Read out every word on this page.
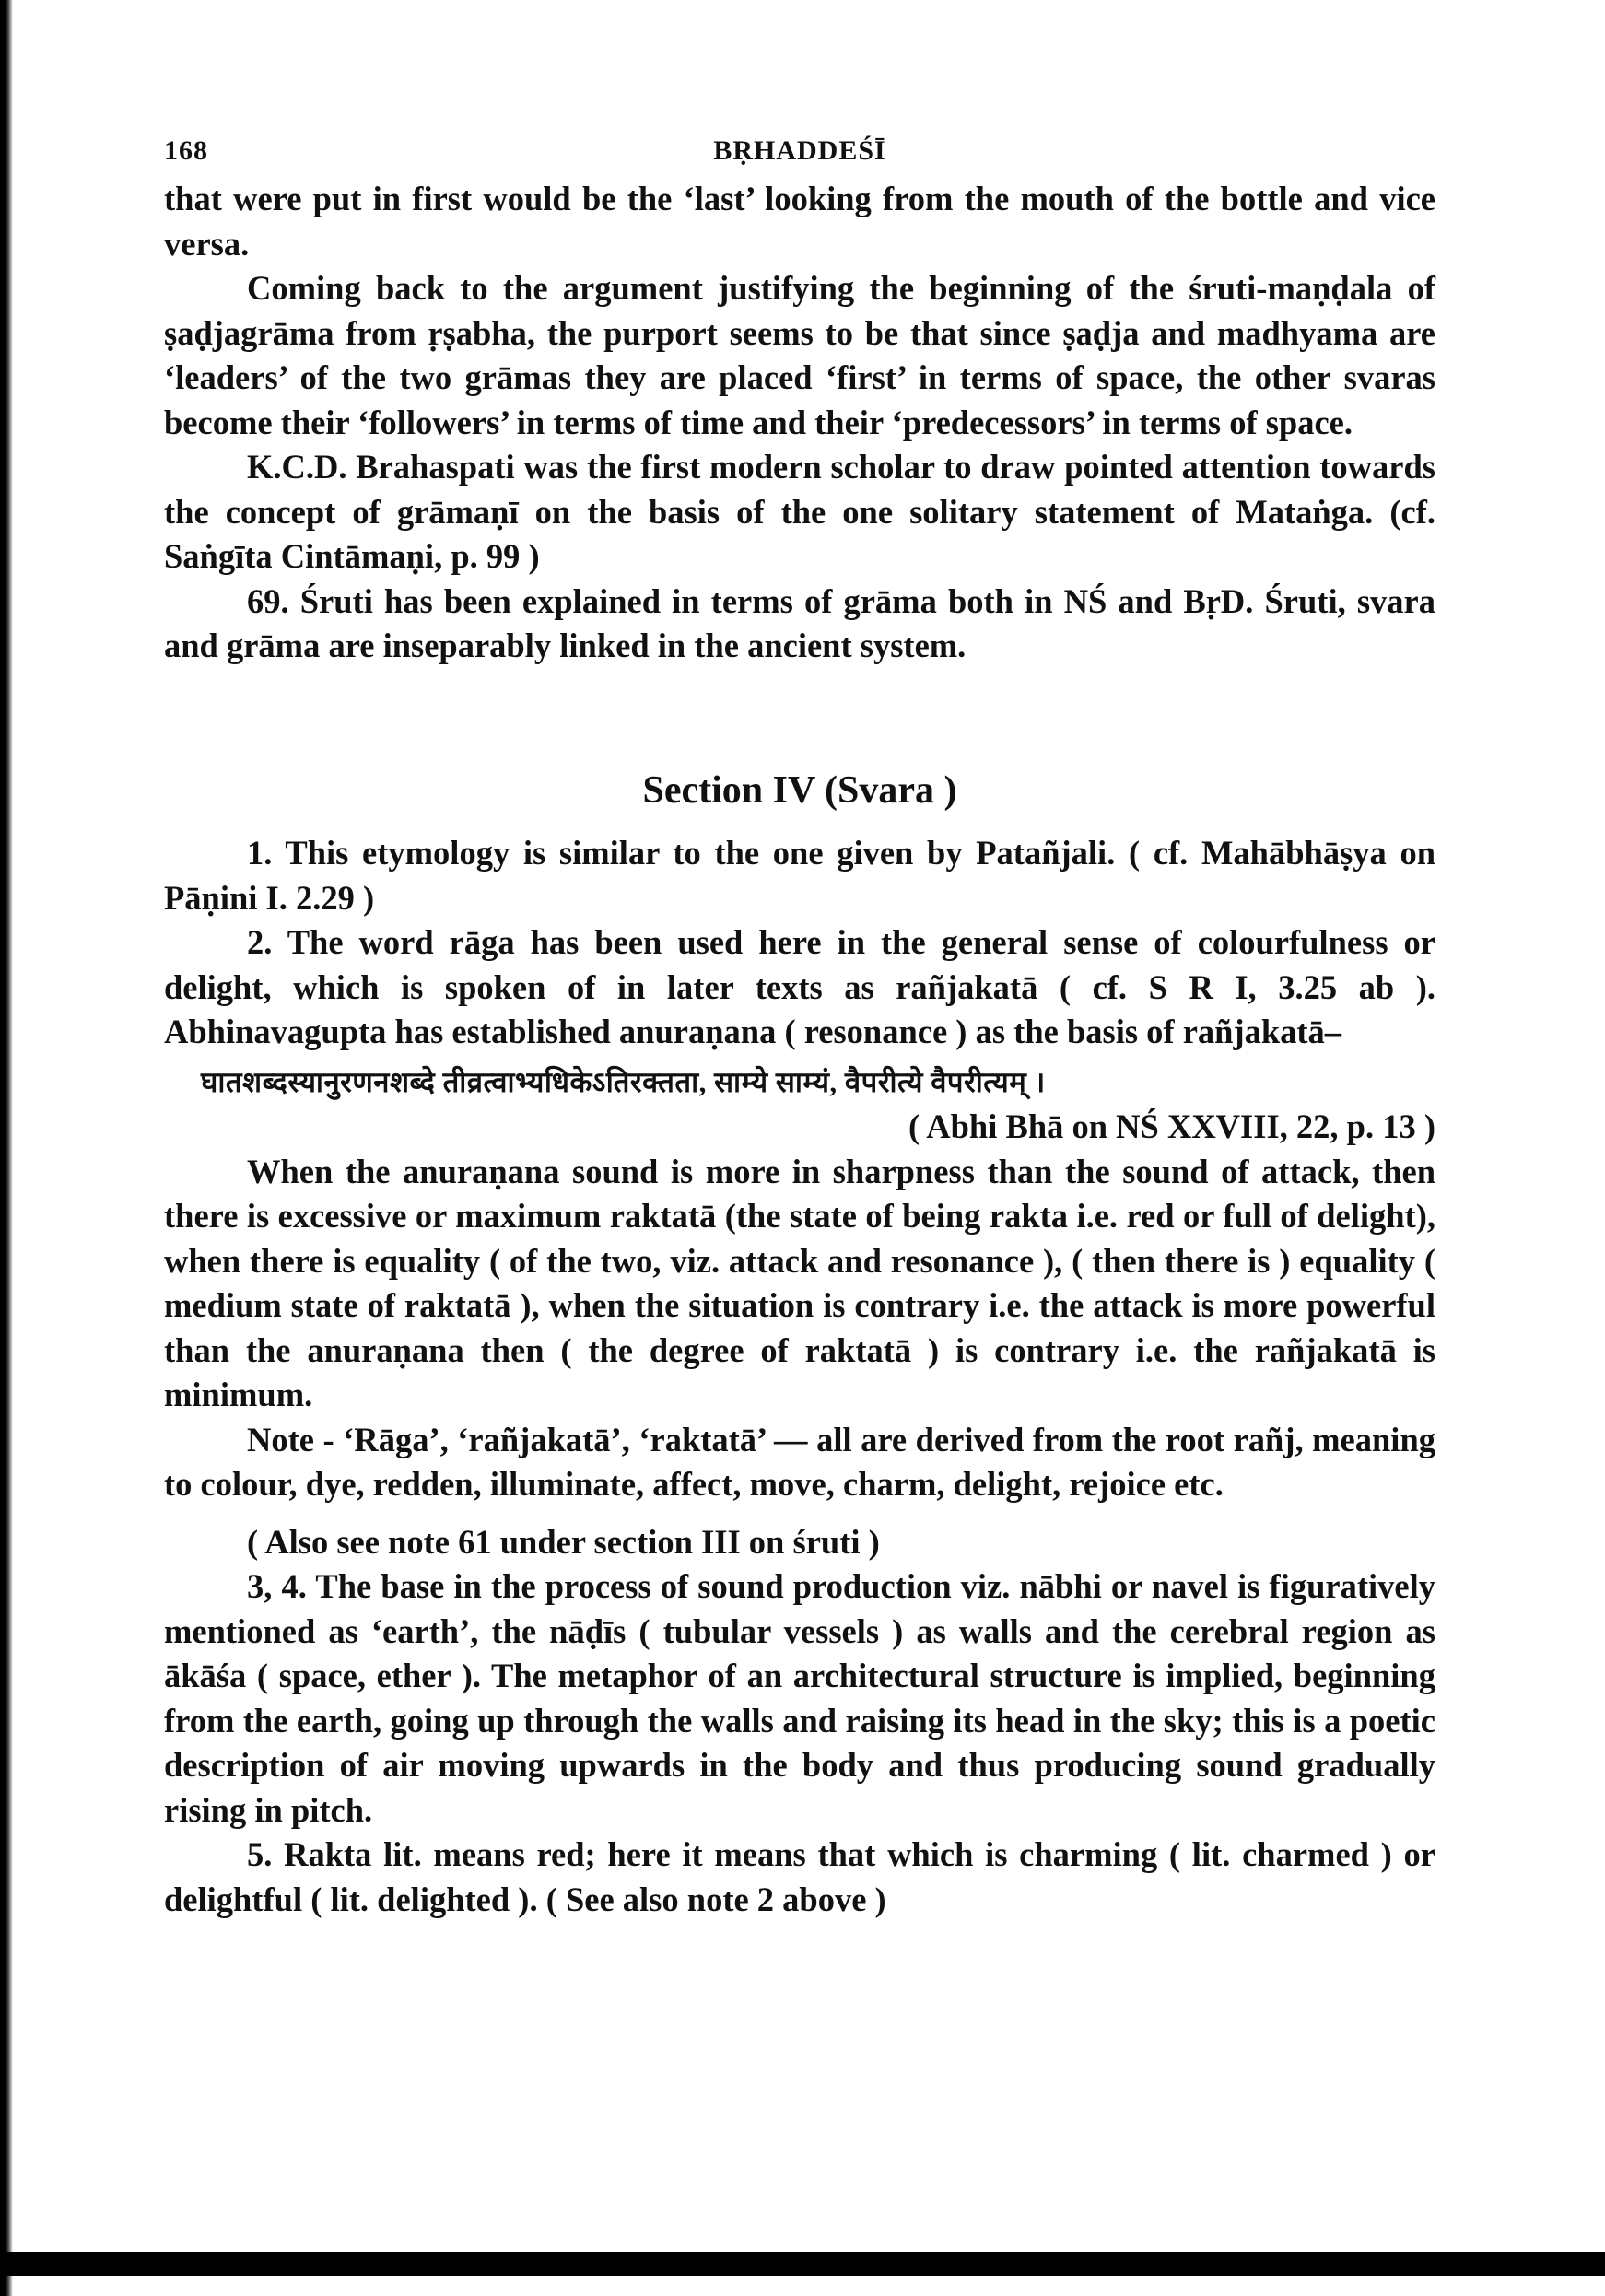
168	BṚHADDEŚĪ

that were put in first would be the ‘last’ looking from the mouth of the bottle and vice versa.

Coming back to the argument justifying the beginning of the śruti-maṇḍala of ṣaḍjagrāma from ṛṣabha, the purport seems to be that since ṣaḍja and madhyama are ‘leaders’ of the two grāmas they are placed ‘first’ in terms of space, the other svaras become their ‘followers’ in terms of time and their ‘predecessors’ in terms of space.

K.C.D. Brahaspati was the first modern scholar to draw pointed attention towards the concept of grāmaṇī on the basis of the one solitary statement of Mataṅga. (cf. Saṅgīta Cintāmaṇi, p. 99 )

69. Śruti has been explained in terms of grāma both in NŚ and BṛD. Śruti, svara and grāma are inseparably linked in the ancient system.

Section IV (Svara )

1. This etymology is similar to the one given by Patañjali. ( cf. Mahābhāṣya on Pāṇini I. 2.29 )

2. The word rāga has been used here in the general sense of colourfulness or delight, which is spoken of in later texts as rañjakatā ( cf. S R I, 3.25 ab ). Abhinavagupta has established anuraṇana ( resonance ) as the basis of rañjakatā–

घातशब्दस्यानुरणनशब्दे तीव्रत्वाभ्यधिकेऽतिरक्तता, साम्ये साम्यं, वैपरीत्ये वैपरीत्यम् ।

( Abhi Bhā on NŚ XXVIII, 22, p. 13 )

When the anuraṇana sound is more in sharpness than the sound of attack, then there is excessive or maximum raktatā (the state of being rakta i.e. red or full of delight), when there is equality ( of the two, viz. attack and resonance ), ( then there is ) equality ( medium state of raktatā ), when the situation is contrary i.e. the attack is more powerful than the anuraṇana then ( the degree of raktatā ) is contrary i.e. the rañjakatā is minimum.

Note - ‘Rāga’, ‘rañjakatā’, ‘raktatā’ — all are derived from the root rañj, meaning to colour, dye, redden, illuminate, affect, move, charm, delight, rejoice etc.

( Also see note 61 under section III on śruti )

3, 4. The base in the process of sound production viz. nābhi or navel is figuratively mentioned as ‘earth’, the nāḍīs ( tubular vessels ) as walls and the cerebral region as ākāśa ( space, ether ). The metaphor of an architectural structure is implied, beginning from the earth, going up through the walls and raising its head in the sky; this is a poetic description of air moving upwards in the body and thus producing sound gradually rising in pitch.

5. Rakta lit. means red; here it means that which is charming ( lit. charmed ) or delightful ( lit. delighted ). ( See also note 2 above )
